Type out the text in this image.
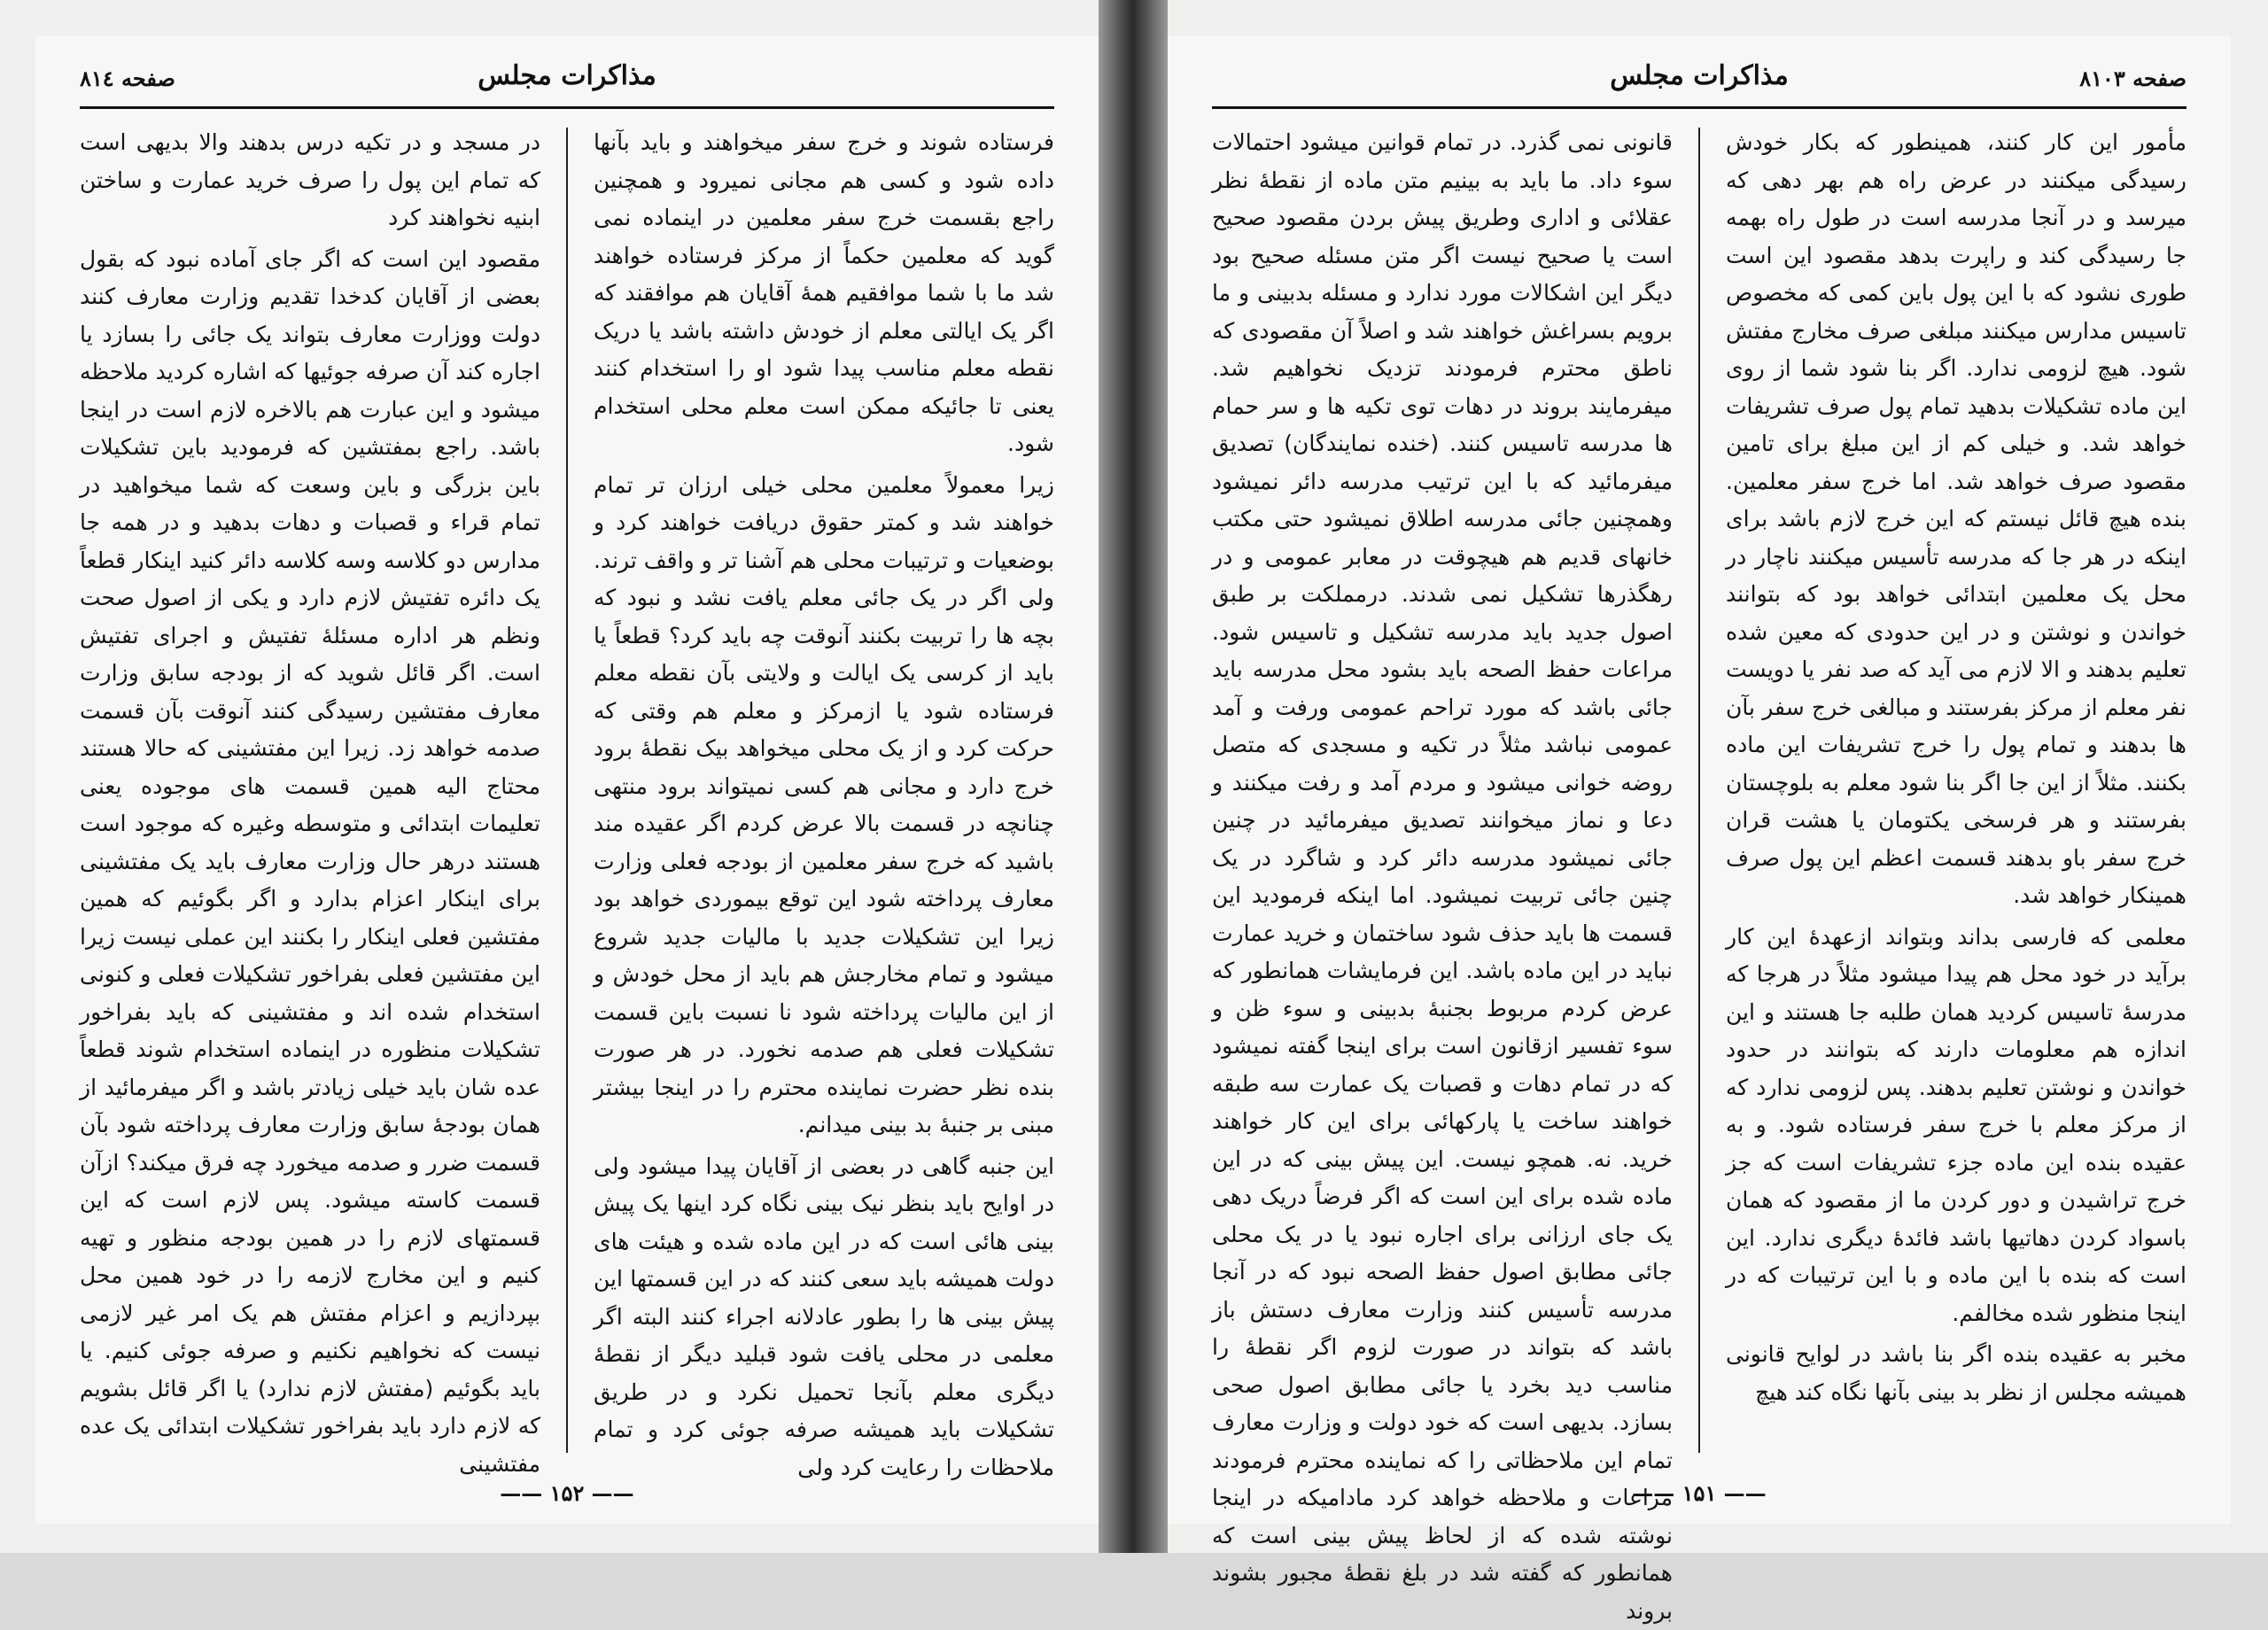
مذاکرات مجلس
صفحه ۸۱٤

فرستاده شوند و خرج سفر میخواهند و باید بآنها داده شود و کسی هم مجانی نمیرود و همچنین راجع بقسمت خرج سفر معلمین در اینماده نمی گوید که معلمین حکماً از مرکز فرستاده خواهند شد ما با شما موافقیم همهٔ آقایان هم موافقند که اگر یک ایالتی معلم از خودش داشته باشد یا دریک نقطه معلم مناسب پیدا شود او را استخدام کنند یعنی تا جائیکه ممکن است معلم محلی استخدام شود.

زیرا معمولاً معلمین محلی خیلی ارزان تر تمام خواهند شد و کمتر حقوق دریافت خواهند کرد و بوضعیات و ترتیبات محلی هم آشنا تر و واقف ترند. ولی اگر در یک جائی معلم یافت نشد و نبود که بچه ها را تربیت بکنند آنوقت چه باید کرد؟ قطعاً یا باید از کرسی یک ایالت و ولایتی بآن نقطه معلم فرستاده شود یا ازمرکز و معلم هم وقتی که حرکت کرد و از یک محلی میخواهد بیک نقطهٔ برود خرج دارد و مجانی هم کسی نمیتواند برود منتهی چنانچه در قسمت بالا عرض کردم اگر عقیده مند باشید که خرج سفر معلمین از بودجه فعلی وزارت معارف پرداخته شود این توقع بیموردی خواهد بود زیرا این تشکیلات جدید با مالیات جدید شروع میشود و تمام مخارجش هم باید از محل خودش و از این مالیات پرداخته شود نا نسبت باین قسمت تشکیلات فعلی هم صدمه نخورد. در هر صورت بنده نظر حضرت نماینده محترم را در اینجا بیشتر مبنی بر جنبهٔ بد بینی میدانم.

این جنبه گاهی در بعضی از آقایان پیدا میشود ولی در اوایح باید بنظر نیک بینی نگاه کرد اینها یک پیش بینی هائی است که در این ماده شده و هیئت های دولت همیشه باید سعی کنند که در این قسمتها این پیش بینی ها را بطور عادلانه اجراء کنند البته اگر معلمی در محلی یافت شود قبلید دیگر از نقطهٔ دیگری معلم بآنجا تحمیل نکرد و در طریق تشکیلات باید همیشه صرفه جوئی کرد و تمام ملاحظات را رعایت کرد ولی

در مسجد و در تکیه درس بدهند والا بدیهی است که تمام این پول را صرف خرید عمارت و ساختن ابنیه نخواهند کرد

مقصود این است که اگر جای آماده نبود که بقول بعضی از آقایان کدخدا تقدیم وزارت معارف کنند دولت ووزارت معارف بتواند یک جائی را بسازد یا اجاره کند آن صرفه جوئیها که اشاره کردید ملاحظه میشود و این عبارت هم بالاخره لازم است در اینجا باشد. راجع بمفتشین که فرمودید باین تشکیلات باین بزرگی و باین وسعت که شما میخواهید در تمام قراء و قصبات و دهات بدهید و در همه جا مدارس دو کلاسه وسه کلاسه دائر کنید اینکار قطعاً یک دائره تفتیش لازم دارد و یکی از اصول صحت ونظم هر اداره مسئلهٔ تفتیش و اجرای تفتیش است. اگر قائل شوید که از بودجه سابق وزارت معارف مفتشین رسیدگی کنند آنوقت بآن قسمت صدمه خواهد زد. زیرا این مفتشینی که حالا هستند محتاج الیه همین قسمت های موجوده یعنی تعلیمات ابتدائی و متوسطه وغیره که موجود است هستند درهر حال وزارت معارف باید یک مفتشینی برای اینکار اعزام بدارد و اگر بگوئیم که همین مفتشین فعلی اینکار را بکنند این عملی نیست زیرا این مفتشین فعلی بفراخور تشکیلات فعلی و کنونی استخدام شده اند و مفتشینی که باید بفراخور تشکیلات منظوره در اینماده استخدام شوند قطعاً عده شان باید خیلی زیادتر باشد و اگر میفرمائید از همان بودجهٔ سابق وزارت معارف پرداخته شود بآن قسمت ضرر و صدمه میخورد چه فرق میکند؟ ازآن قسمت کاسته میشود. پس لازم است که این قسمتهای لازم را در همین بودجه منظور و تهیه کنیم و این مخارج لازمه را در خود همین محل بپردازیم و اعزام مفتش هم یک امر غیر لازمی نیست که نخواهیم نکنیم و صرفه جوئی کنیم. یا باید بگوئیم (مفتش لازم ندارد) یا اگر قائل بشویم که لازم دارد باید بفراخور تشکیلات ابتدائی یک عده مفتشینی

—— ۱۵۲ ——
مذاکرات مجلس	صفحه ۸۱۰۳

مأمور این کار کنند، همینطور که بکار خودش رسیدگی میکنند در عرض راه هم بهر دهی که میرسد و در آنجا مدرسه است در طول راه بهمه جا رسیدگی کند و راپرت بدهد مقصود این است طوری نشود که با این پول باین کمی که مخصوص تاسیس مدارس میکنند مبلغی صرف مخارج مفتش شود. هیچ لزومی ندارد. اگر بنا شود شما از روی این ماده تشکیلات بدهید تمام پول صرف تشریفات خواهد شد. و خیلی کم از این مبلغ برای تامین مقصود صرف خواهد شد. اما خرج سفر معلمین. بنده هیچ قائل نیستم که این خرج لازم باشد برای اینکه در هر جا که مدرسه تأسیس میکنند ناچار در محل یک معلمین ابتدائی خواهد بود که بتوانند خواندن و نوشتن و در این حدودی که معین شده تعلیم بدهند و الا لازم می آید که صد نفر یا دویست نفر معلم از مرکز بفرستند و مبالغی خرج سفر بآن ها بدهند و تمام پول را خرج تشریفات این ماده بکنند. مثلاً از این جا اگر بنا شود معلم به بلوچستان بفرستند و هر فرسخی یکتومان یا هشت قران خرج سفر باو بدهند قسمت اعظم این پول صرف همینکار خواهد شد.

معلمی که فارسی بداند وبتواند ازعهدهٔ این کار برآید در خود محل هم پیدا میشود مثلاً در هرجا که مدرسهٔ تاسیس کردید همان طلبه جا هستند و این اندازه هم معلومات دارند که بتوانند در حدود خواندن و نوشتن تعلیم بدهند. پس لزومی ندارد که از مرکز معلم با خرج سفر فرستاده شود. و به عقیده بنده این ماده جزء تشریفات است که جز خرج تراشیدن و دور کردن ما از مقصود که همان باسواد کردن دهاتیها باشد فائدهٔ دیگری ندارد. این است که بنده با این ماده و با این ترتیبات که در اینجا منظور شده مخالفم.

مخبر به عقیده بنده اگر بنا باشد در لوایح قانونی همیشه مجلس از نظر بد بینی بآنها نگاه کند هیچ

قانونی نمی گذرد. در تمام قوانین میشود احتمالات سوء داد. ما باید به بینیم متن ماده از نقطهٔ نظر عقلائی و اداری وطریق پیش بردن مقصود صحیح است یا صحیح نیست اگر متن مسئله صحیح بود دیگر این اشکالات مورد ندارد و مسئله بدبینی و ما برویم بسراغش خواهند شد و اصلاً آن مقصودی که ناطق محترم فرمودند تزدیک نخواهیم شد. میفرمایند بروند در دهات توی تکیه ها و سر حمام ها مدرسه تاسیس کنند. (خنده نمایندگان) تصدیق میفرمائید که با این ترتیب مدرسه دائر نمیشود وهمچنین جائی مدرسه اطلاق نمیشود حتی مکتب خانهای قدیم هم هیچوقت در معابر عمومی و در رهگذرها تشکیل نمی شدند. درمملکت بر طبق اصول جدید باید مدرسه تشکیل و تاسیس شود. مراعات حفظ الصحه باید بشود محل مدرسه باید جائی باشد که مورد تراحم عمومی ورفت و آمد عمومی نباشد مثلاً در تکیه و مسجدی که متصل روضه خوانی میشود و مردم آمد و رفت میکنند و دعا و نماز میخوانند تصدیق میفرمائید در چنین جائی نمیشود مدرسه دائر کرد و شاگرد در یک چنین جائی تربیت نمیشود. اما اینکه فرمودید این قسمت ها باید حذف شود ساختمان و خرید عمارت نباید در این ماده باشد. این فرمایشات همانطور که عرض کردم مربوط بجنبهٔ بدبینی و سوء ظن و سوء تفسیر ازقانون است برای اینجا گفته نمیشود که در تمام دهات و قصبات یک عمارت سه طبقه خواهند ساخت یا پارکهائی برای این کار خواهند خرید. نه. همچو نیست. این پیش بینی که در این ماده شده برای این است که اگر فرضاً دریک دهی یک جای ارزانی برای اجاره نبود یا در یک محلی جائی مطابق اصول حفظ الصحه نبود که در آنجا مدرسه تأسیس کنند وزارت معارف دستش باز باشد که بتواند در صورت لزوم اگر نقطهٔ را مناسب دید بخرد یا جائی مطابق اصول صحی بسازد. بدیهی است که خود دولت و وزارت معارف تمام این ملاحظاتی را که نماینده محترم فرمودند مراعات و ملاحظه خواهد کرد مادامیکه در اینجا نوشته شده که از لحاظ پیش بینی است که همانطور که گفته شد در بلغ نقطهٔ مجبور بشوند بروند

—— ۱۵۱ ——
